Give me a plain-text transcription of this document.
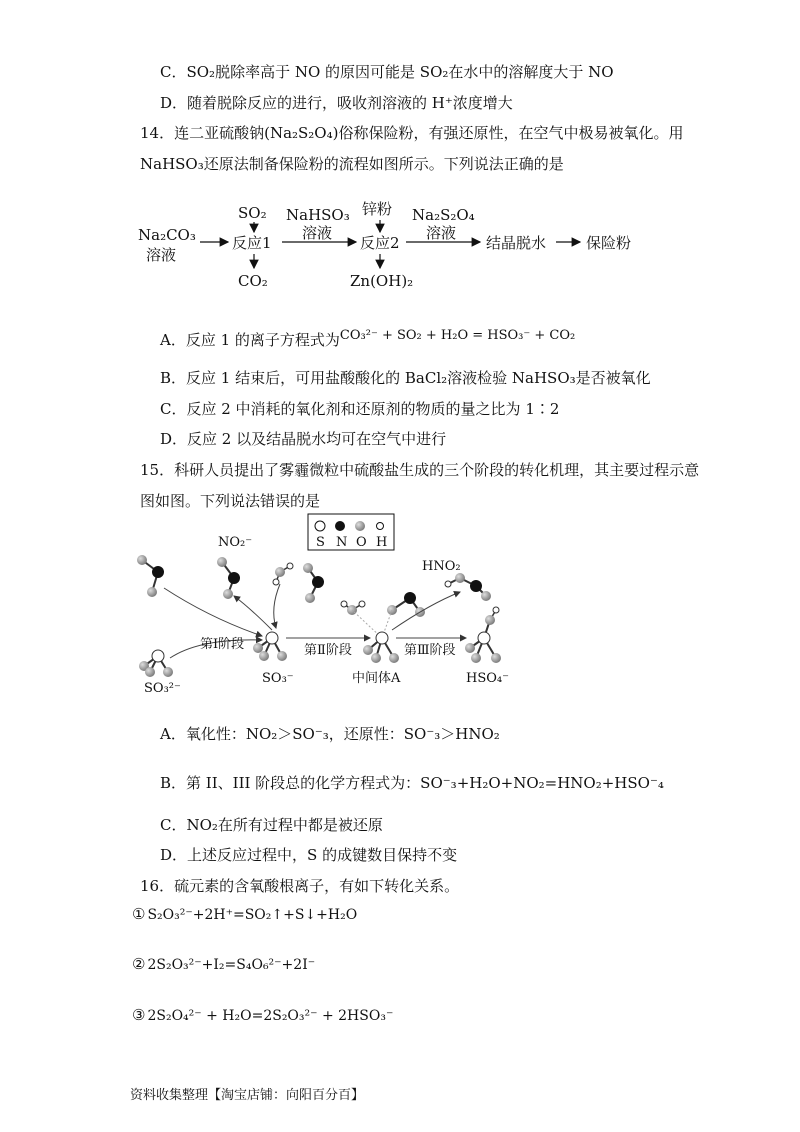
C．SO₂脱除率高于 NO 的原因可能是 SO₂在水中的溶解度大于 NO
D．随着脱除反应的进行，吸收剂溶液的 H⁺浓度增大
14．连二亚硫酸钠(Na₂S₂O₄)俗称保险粉，有强还原性，在空气中极易被氧化。用
NaHSO₃还原法制备保险粉的流程如图所示。下列说法正确的是
Na₂CO₃
溶液
SO₂
反应1
CO₂
NaHSO₃
溶液
锌粉
反应2
Zn(OH)₂
Na₂S₂O₄
溶液
结晶脱水	保险粉
A．反应 1 的离子方程式为CO₃²⁻ + SO₂ + H₂O = HSO₃⁻ + CO₂
B．反应 1 结束后，可用盐酸酸化的 BaCl₂溶液检验 NaHSO₃是否被氧化
C．反应 2 中消耗的氧化剂和还原剂的物质的量之比为 1∶2
D．反应 2 以及结晶脱水均可在空气中进行
15．科研人员提出了雾霾微粒中硫酸盐生成的三个阶段的转化机理，其主要过程示意
图如图。下列说法错误的是
S N O H
NO₂⁻
HNO₂
SO₃²⁻
SO₃⁻	中间体A	HSO₄⁻
第Ⅰ阶段	第Ⅱ阶段	第Ⅲ阶段
A．氧化性：NO₂＞SO⁻₃，还原性：SO⁻₃＞HNO₂
B．第 II、III 阶段总的化学方程式为：SO⁻₃+H₂O+NO₂=HNO₂+HSO⁻₄
C．NO₂在所有过程中都是被还原
D．上述反应过程中，S 的成键数目保持不变
16．硫元素的含氧酸根离子，有如下转化关系。
① S₂O₃²⁻+2H⁺=SO₂↑+S↓+H₂O
② 2S₂O₃²⁻+I₂=S₄O₆²⁻+2I⁻
③ 2S₂O₄²⁻ + H₂O=2S₂O₃²⁻ + 2HSO₃⁻
资料收集整理【淘宝店铺：向阳百分百】
